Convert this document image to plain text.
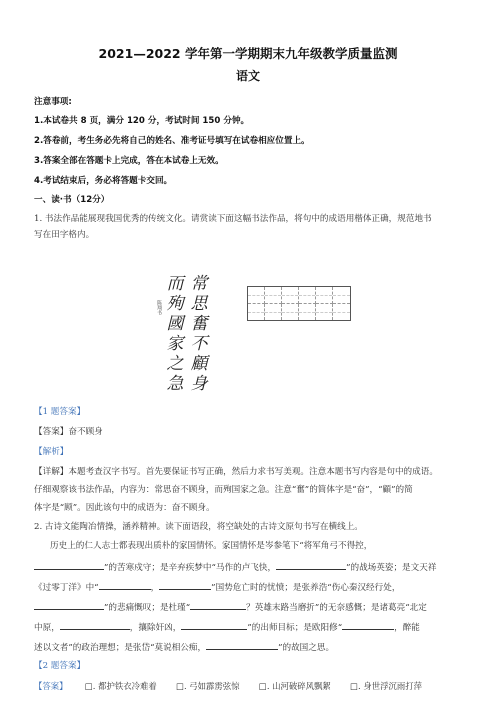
2021—2022 学年第一学期期末九年级教学质量监测
语文
注意事项:
1.本试卷共 8 页，满分 120 分，考试时间 150 分钟。
2.答卷前，考生务必先将自己的姓名、准考证号填写在试卷相应位置上。
3.答案全部在答题卡上完成，答在本试卷上无效。
4.考试结束后，务必将答题卡交回。
一、读·书（12分）
1. 书法作品能展现我国优秀的传统文化。请赏读下面这幅书法作品，将句中的成语用楷体正确，规范地书
写在田字格内。
常
思
奮
不
顧
身
而
殉
國
家
之
急
陈翔书
【1 题答案】
【答案】奋不顾身
【解析】
【详解】本题考查汉字书写。首先要保证书写正确，然后力求书写美观。注意本题书写内容是句中的成语。
仔细观察该书法作品，内容为：常思奋不顾身，而殉国家之急。注意“奮”的简体字是“奋”，“顧”的简
体字是“顾”。因此该句中的成语为：奋不顾身。
2. 古诗文能陶冶情操，涵养精神。读下面语段，将空缺处的古诗文原句书写在横线上。
历史上的仁人志士都表现出质朴的家国情怀。家国情怀是岑参笔下“将军角弓不得控，
”的苦寒戍守；是辛弃疾梦中“马作的卢飞快，	”的战场英姿；是文天祥
《过零丁洋》中“	，	”国势危亡时的忧愤；是张养浩“伤心秦汉经行处，
”的悲痛慨叹；是杜瑾“	？英雄末路当磨折”的无奈感慨；是诸葛亮“北定
中原，	，攘除奸凶，	”的出师目标；是欧阳修“	，醉能
述以文者”的政治理想；是张岱“莫说相公痴，	”的故国之思。
【2 题答案】
【答案】 □. 都护铁衣冷难着 □. 弓如霹雳弦惊 □. 山河破碎风飘絮 □. 身世浮沉雨打萍
